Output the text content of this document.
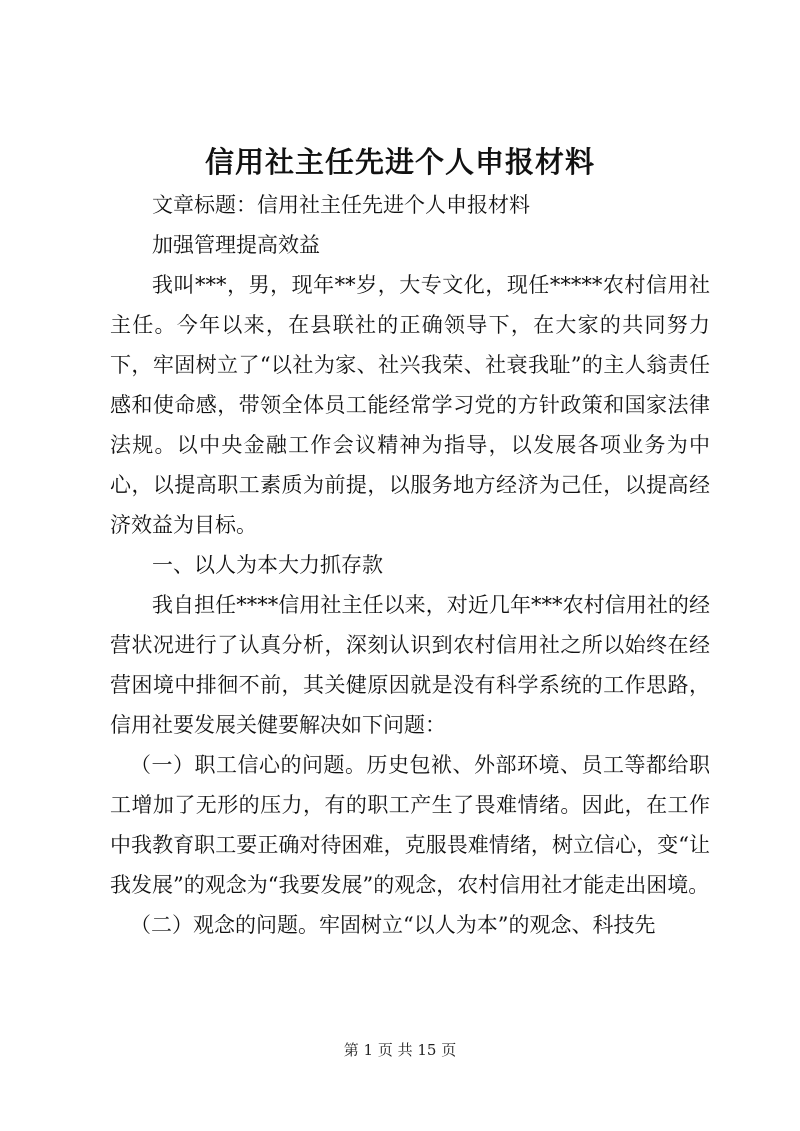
信用社主任先进个人申报材料

文章标题：信用社主任先进个人申报材料

加强管理提高效益

我叫***，男，现年**岁，大专文化，现任*****农村信用社主任。今年以来，在县联社的正确领导下，在大家的共同努力下，牢固树立了“以社为家、社兴我荣、社衰我耻”的主人翁责任感和使命感，带领全体员工能经常学习党的方针政策和国家法律法规。以中央金融工作会议精神为指导，以发展各项业务为中心，以提高职工素质为前提，以服务地方经济为己任，以提高经济效益为目标。

一、以人为本大力抓存款

我自担任****信用社主任以来，对近几年***农村信用社的经营状况进行了认真分析，深刻认识到农村信用社之所以始终在经营困境中排徊不前，其关健原因就是没有科学系统的工作思路，信用社要发展关健要解决如下问题：

（一）职工信心的问题。历史包袱、外部环境、员工等都给职工增加了无形的压力，有的职工产生了畏难情绪。因此，在工作中我教育职工要正确对待困难，克服畏难情绪，树立信心，变“让我发展”的观念为“我要发展”的观念，农村信用社才能走出困境。

（二）观念的问题。牢固树立“以人为本”的观念、科技先

第 1 页 共 15 页
